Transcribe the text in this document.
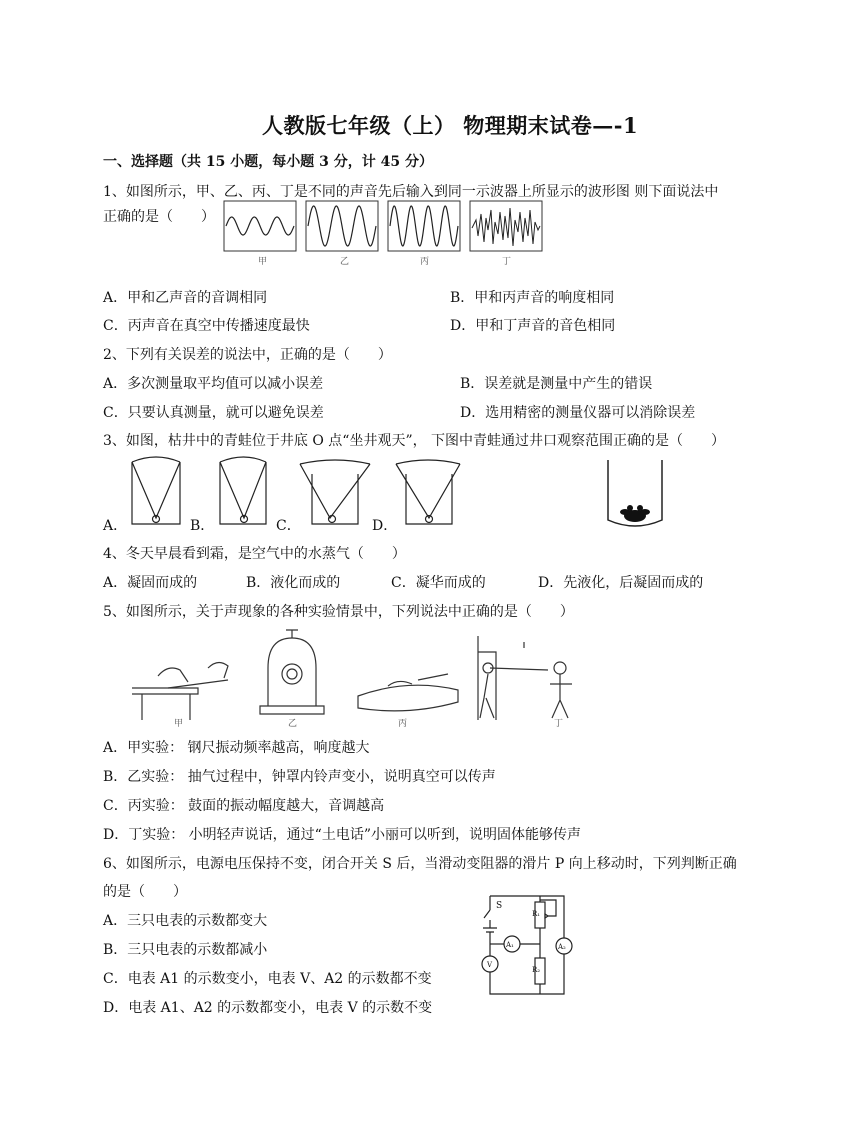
人教版七年级（上） 物理期末试卷—-1
一、选择题（共 15 小题，每小题 3 分，计 45 分）
1、如图所示，甲、乙、丙、丁是不同的声音先后输入到同一示波器上所显示的波形图 则下面说法中
正确的是（　　）
甲	乙	丙	丁
A．甲和乙声音的音调相同	B．甲和丙声音的响度相同
C．丙声音在真空中传播速度最快	D．甲和丁声音的音色相同
2、下列有关误差的说法中，正确的是（　　）
A．多次测量取平均值可以减小误差	B．误差就是测量中产生的错误
C．只要认真测量，就可以避免误差	D．选用精密的测量仪器可以消除误差
3、如图，枯井中的青蛙位于井底 O 点“坐井观天”， 下图中青蛙通过井口观察范围正确的是（　　）
A．	B．	C．	D．
4、冬天早晨看到霜，是空气中的水蒸气（　　）
A．凝固而成的	B．液化而成的	C．凝华而成的	D．先液化，后凝固而成的
5、如图所示，关于声现象的各种实验情景中，下列说法中正确的是（　　）
甲	乙	丙	丁
A．甲实验： 钢尺振动频率越高，响度越大
B．乙实验： 抽气过程中，钟罩内铃声变小，说明真空可以传声
C．丙实验： 鼓面的振动幅度越大，音调越高
D．丁实验： 小明轻声说话，通过“土电话”小丽可以听到，说明固体能够传声
6、如图所示，电源电压保持不变，闭合开关 S 后，当滑动变阻器的滑片 P 向上移动时，下列判断正确
的是（　　）
A．三只电表的示数都变大
B．三只电表的示数都减小
C．电表 A1 的示数变小，电表 V、A2 的示数都不变
D．电表 A1、A2 的示数都变小，电表 V 的示数不变
S
R₁
R₂
A₁	A₂
V
